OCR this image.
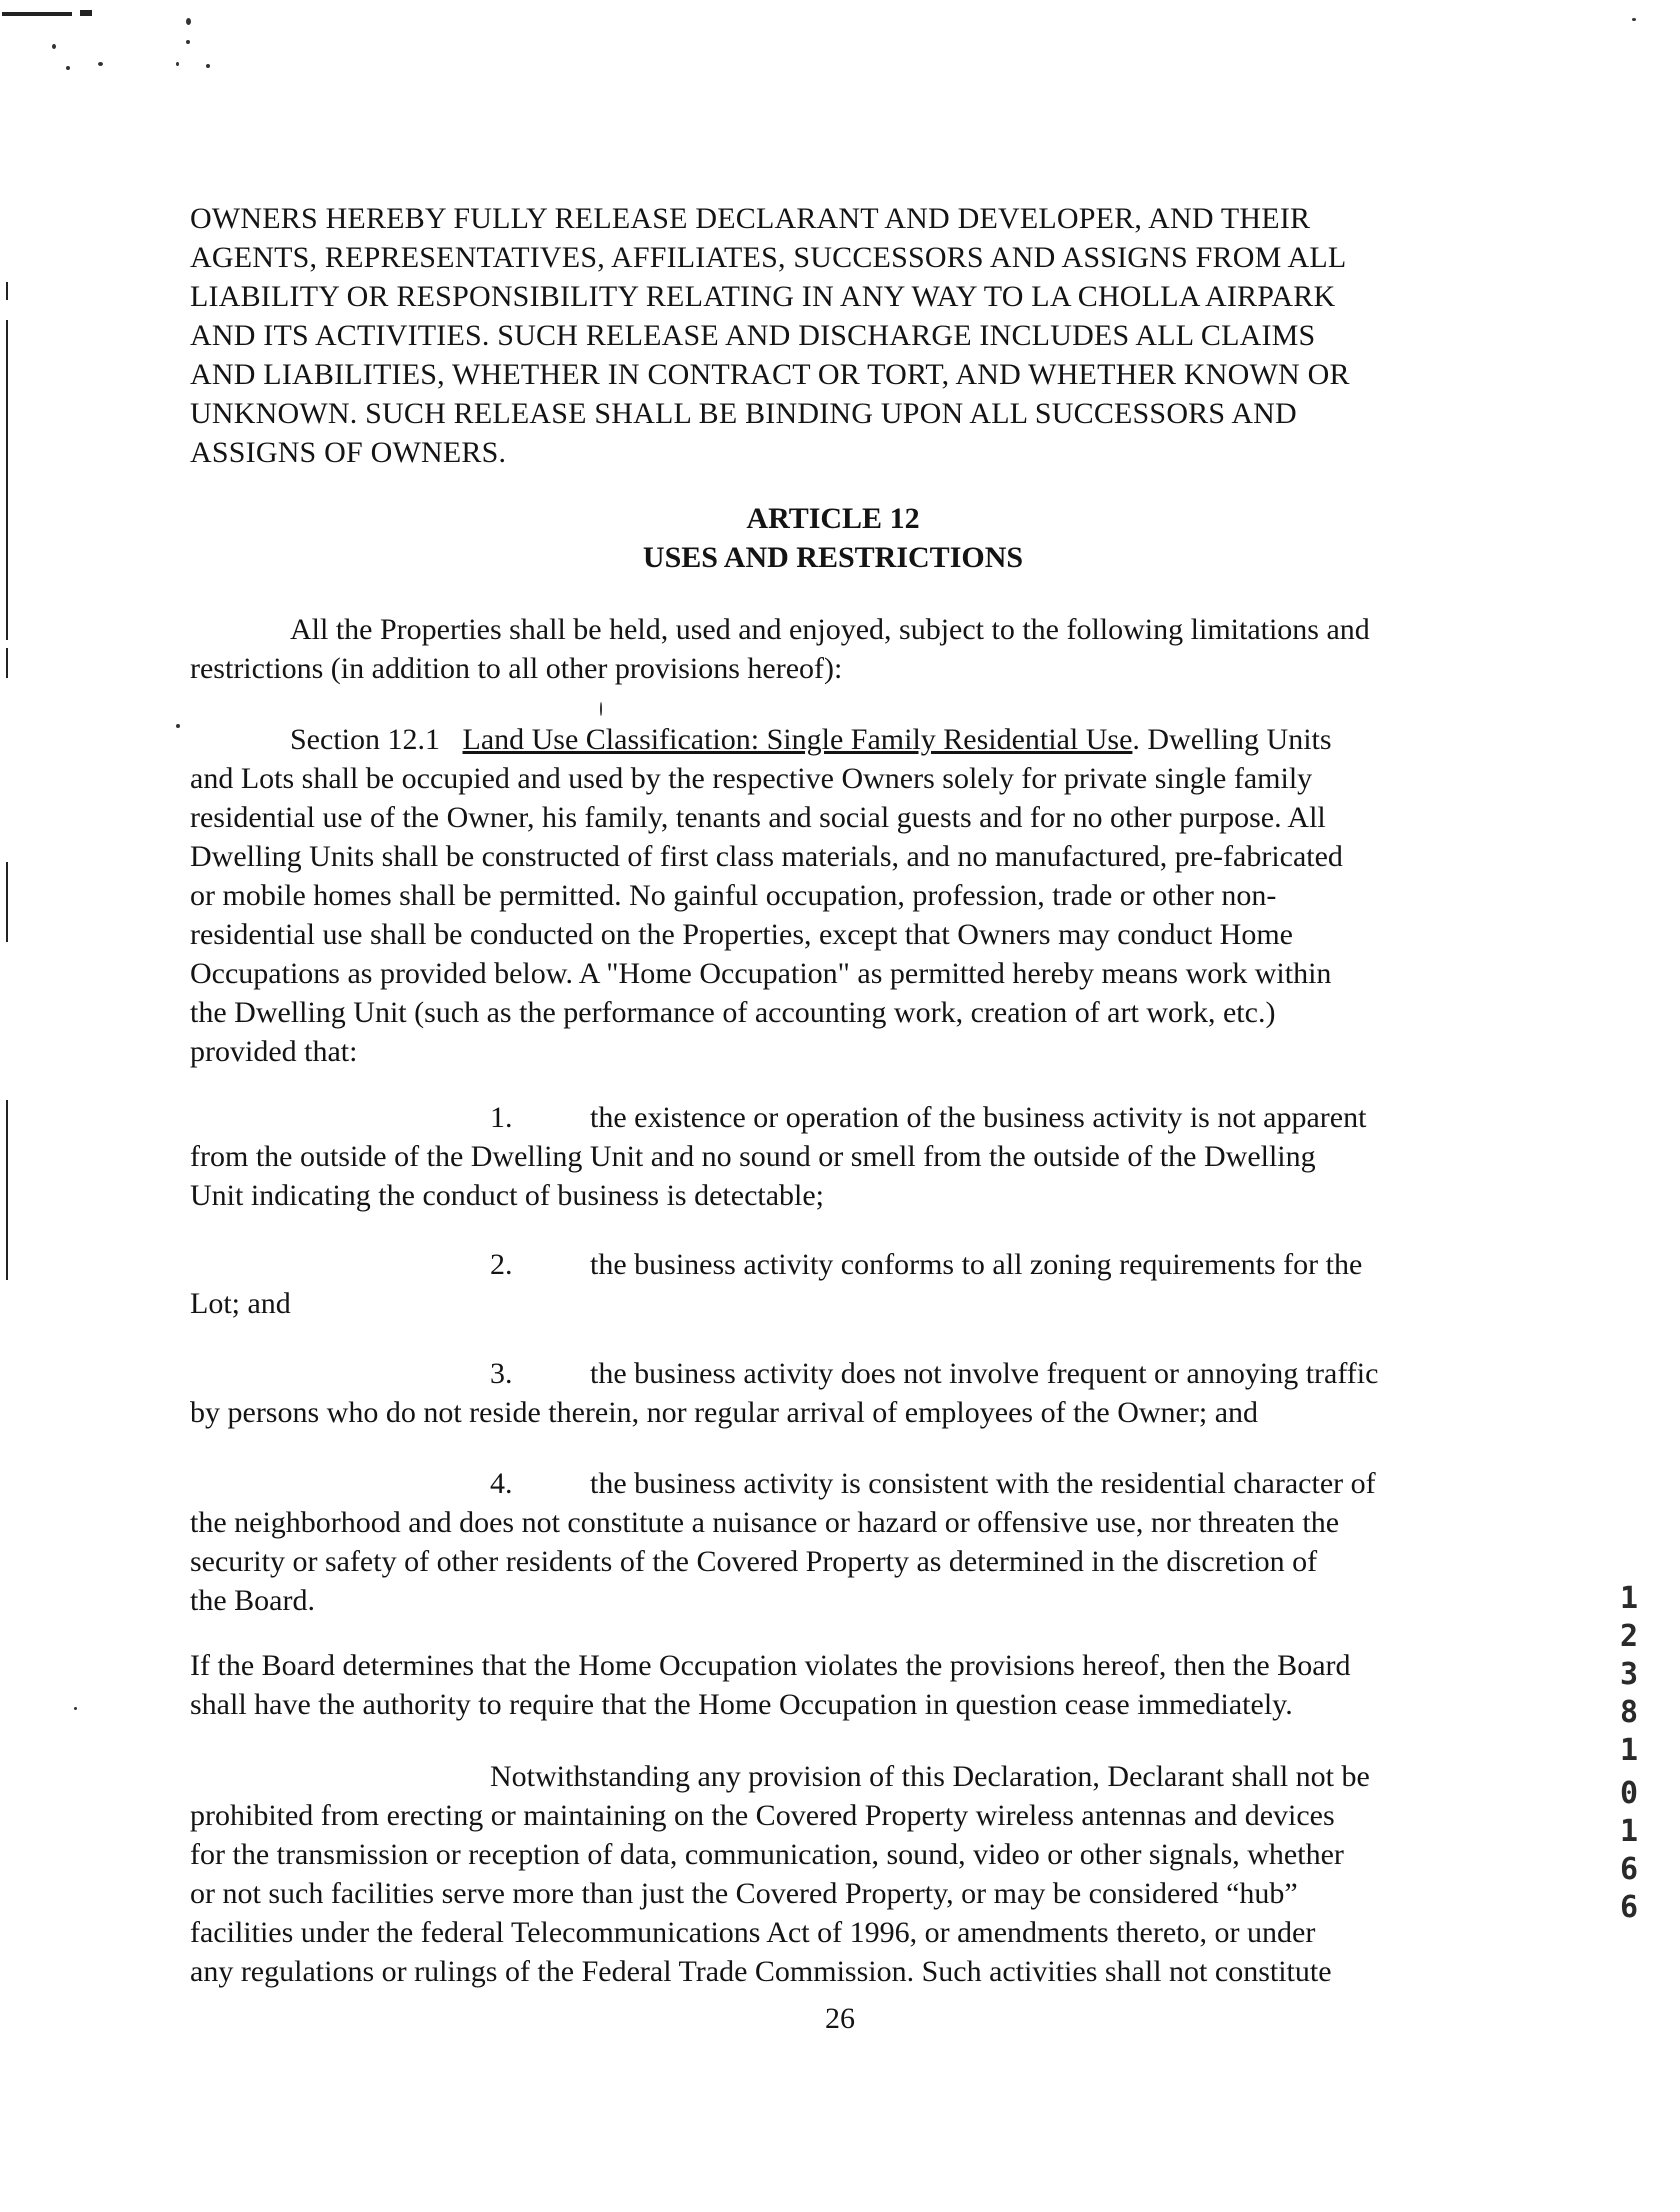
OWNERS HEREBY FULLY RELEASE DECLARANT AND DEVELOPER, AND THEIR
AGENTS, REPRESENTATIVES, AFFILIATES, SUCCESSORS AND ASSIGNS FROM ALL
LIABILITY OR RESPONSIBILITY RELATING IN ANY WAY TO LA CHOLLA AIRPARK
AND ITS ACTIVITIES. SUCH RELEASE AND DISCHARGE INCLUDES ALL CLAIMS
AND LIABILITIES, WHETHER IN CONTRACT OR TORT, AND WHETHER KNOWN OR
UNKNOWN. SUCH RELEASE SHALL BE BINDING UPON ALL SUCCESSORS AND
ASSIGNS OF OWNERS.
ARTICLE 12
USES AND RESTRICTIONS
All the Properties shall be held, used and enjoyed, subject to the following limitations and
restrictions (in addition to all other provisions hereof):
Section 12.1 Land Use Classification: Single Family Residential Use. Dwelling Units
and Lots shall be occupied and used by the respective Owners solely for private single family
residential use of the Owner, his family, tenants and social guests and for no other purpose. All
Dwelling Units shall be constructed of first class materials, and no manufactured, pre-fabricated
or mobile homes shall be permitted. No gainful occupation, profession, trade or other non-
residential use shall be conducted on the Properties, except that Owners may conduct Home
Occupations as provided below. A "Home Occupation" as permitted hereby means work within
the Dwelling Unit (such as the performance of accounting work, creation of art work, etc.)
provided that:
1.	the existence or operation of the business activity is not apparent
from the outside of the Dwelling Unit and no sound or smell from the outside of the Dwelling
Unit indicating the conduct of business is detectable;
2.	the business activity conforms to all zoning requirements for the
Lot; and
3.	the business activity does not involve frequent or annoying traffic
by persons who do not reside therein, nor regular arrival of employees of the Owner; and
4.	the business activity is consistent with the residential character of
the neighborhood and does not constitute a nuisance or hazard or offensive use, nor threaten the
security or safety of other residents of the Covered Property as determined in the discretion of
the Board.
If the Board determines that the Home Occupation violates the provisions hereof, then the Board
shall have the authority to require that the Home Occupation in question cease immediately.
Notwithstanding any provision of this Declaration, Declarant shall not be
prohibited from erecting or maintaining on the Covered Property wireless antennas and devices
for the transmission or reception of data, communication, sound, video or other signals, whether
or not such facilities serve more than just the Covered Property, or may be considered “hub”
facilities under the federal Telecommunications Act of 1996, or amendments thereto, or under
any regulations or rulings of the Federal Trade Commission. Such activities shall not constitute
26
1
2
3
8
1
0
1
6
6
